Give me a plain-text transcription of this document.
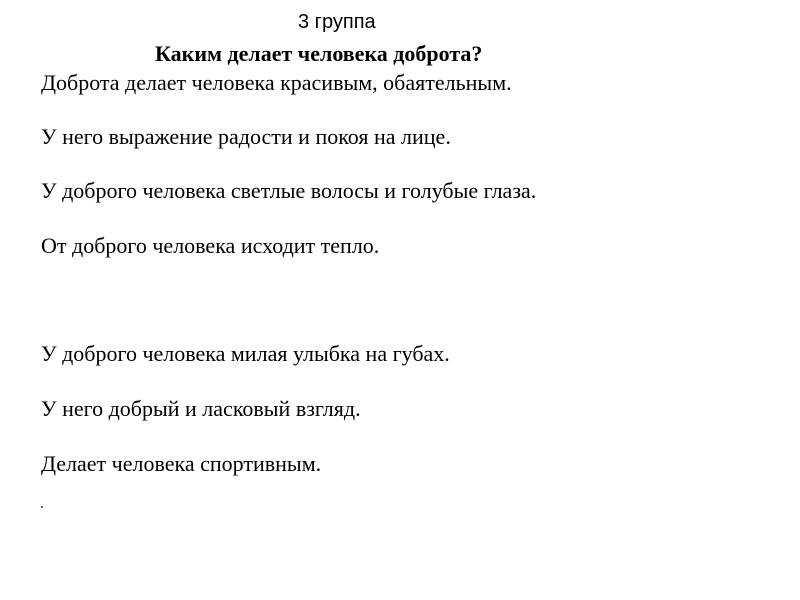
3 группа
Каким делает человека доброта?
Доброта делает человека красивым, обаятельным.
У него выражение радости и покоя на лице.
У доброго человека светлые волосы и голубые глаза.
От доброго человека исходит тепло.
У доброго человека милая улыбка на губах.
У него добрый и ласковый взгляд.
Делает человека спортивным.
